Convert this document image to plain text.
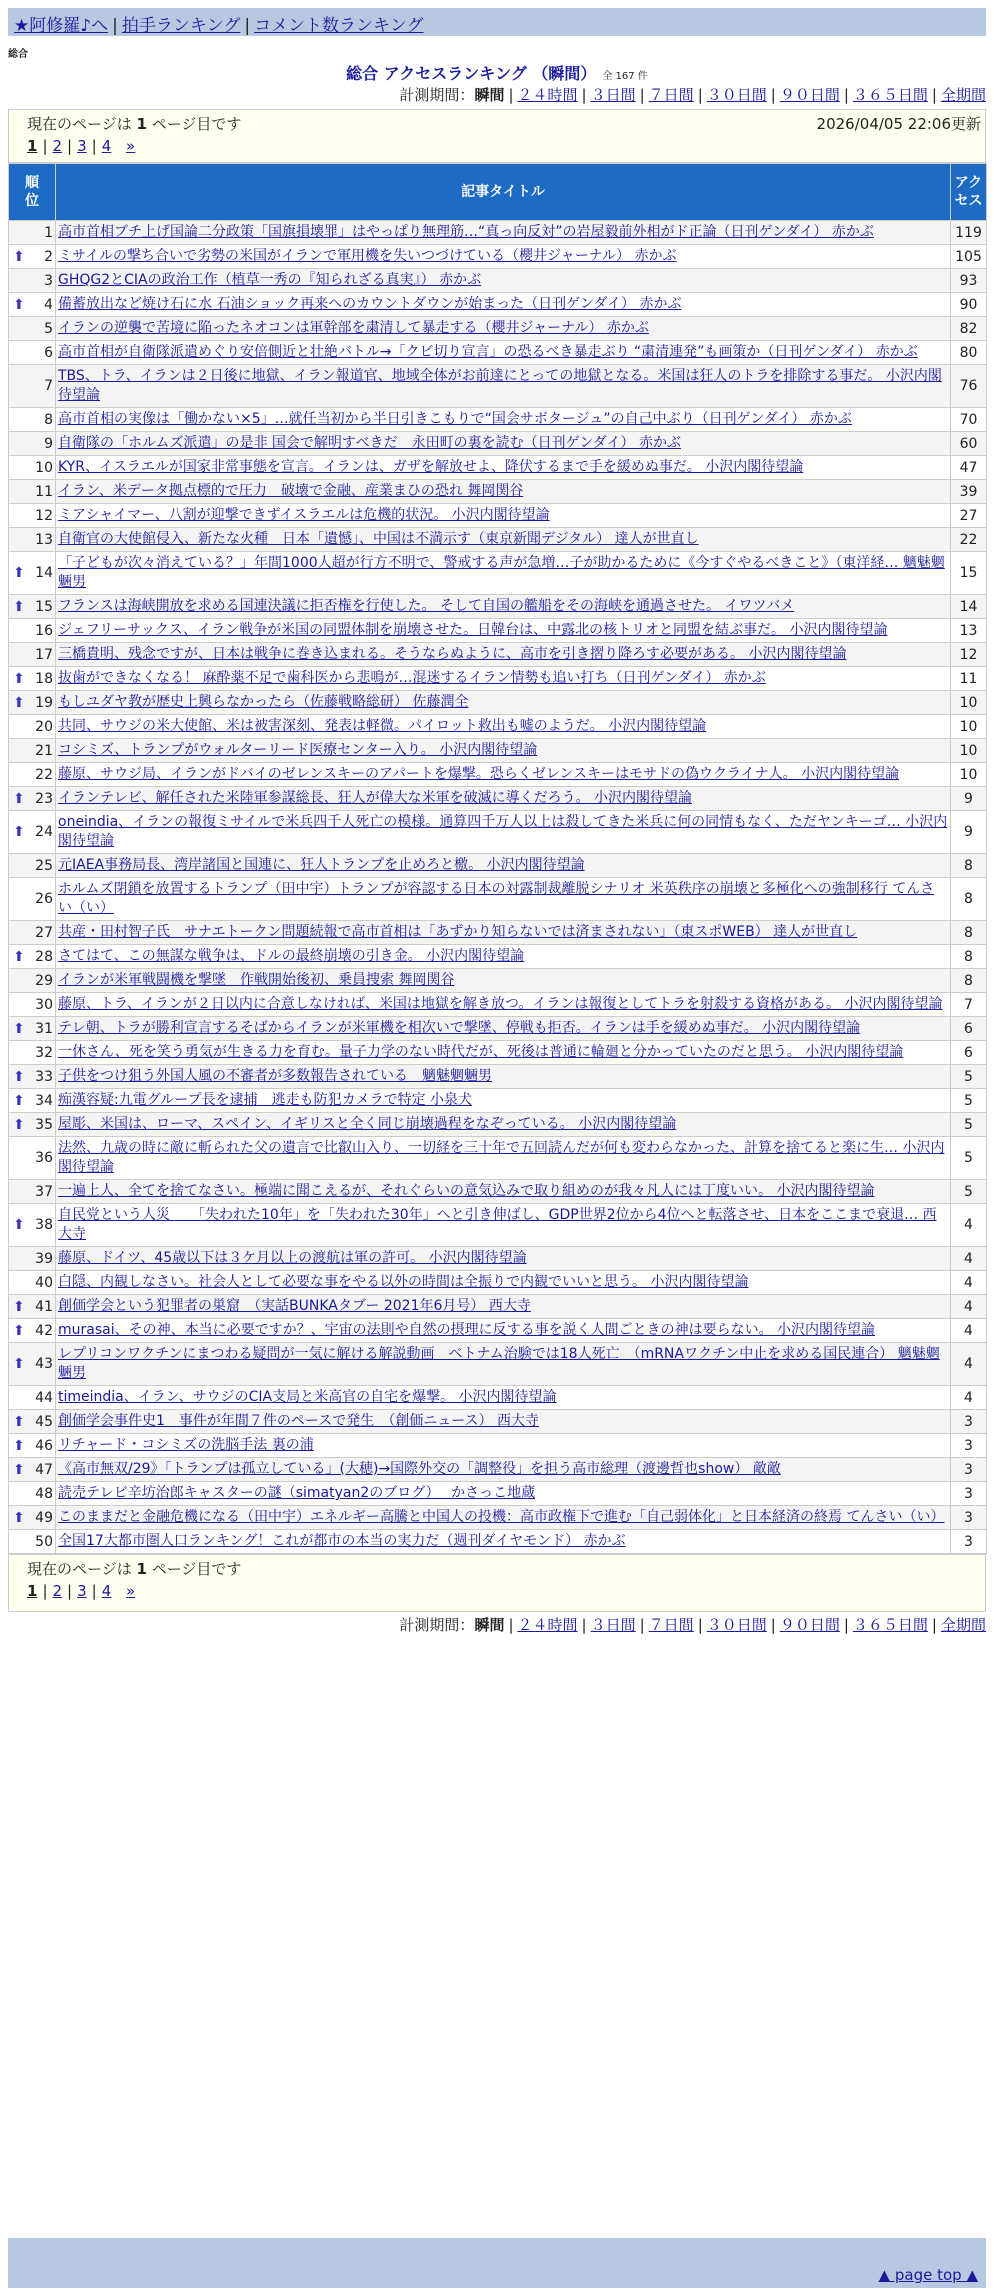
★阿修羅♪へ | 拍手ランキング | コメント数ランキング
総合
総合 アクセスランキング （瞬間） 全 167 件
計測期間：瞬間 | ２４時間 | ３日間 | ７日間 | ３０日間 | ９０日間 | ３６５日間 | 全期間
現在のページは 1 ページ目です	2026/04/05 22:06更新
1 | 2 | 3 | 4 »
順位	記事タイトル	アクセス
1	高市首相ブチ上げ国論二分政策「国旗損壊罪」はやっぱり無理筋…“真っ向反対”の岩屋毅前外相がド正論（日刊ゲンダイ） 赤かぶ	119

⬆ 2	ミサイルの撃ち合いで劣勢の米国がイランで軍用機を失いつづけている（櫻井ジャーナル） 赤かぶ	105
3	GHQG2とCIAの政治工作（植草一秀の『知られざる真実』） 赤かぶ	93

⬆ 4	備蓄放出など焼け石に水 石油ショック再来へのカウントダウンが始まった（日刊ゲンダイ） 赤かぶ	90
5	イランの逆襲で苦境に陥ったネオコンは軍幹部を粛清して暴走する（櫻井ジャーナル） 赤かぶ	82
6	高市首相が自衛隊派遣めぐり安倍側近と壮絶バトル→「クビ切り宣言」の恐るべき暴走ぶり “粛清連発”も画策か（日刊ゲンダイ） 赤かぶ	80
7	TBS、トラ、イランは２日後に地獄、イラン報道官、地域全体がお前達にとっての地獄となる。米国は狂人のトラを排除する事だ。 小沢内閣待望論	76
8	高市首相の実像は「働かない×5」…就任当初から半日引きこもりで“国会サボタージュ”の自己中ぶり（日刊ゲンダイ） 赤かぶ	70
9	自衛隊の「ホルムズ派遣」の是非 国会で解明すべきだ　永田町の裏を読む（日刊ゲンダイ） 赤かぶ	60
10	KYR、イスラエルが国家非常事態を宣言。イランは、ガザを解放せよ、降伏するまで手を緩めぬ事だ。 小沢内閣待望論	47
11	イラン、米データ拠点標的で圧力　破壊で金融、産業まひの恐れ 舞岡関谷	39
12	ミアシャイマー、八割が迎撃できずイスラエルは危機的状況。 小沢内閣待望論	27
13	自衛官の大使館侵入、新たな火種　日本「遺憾」、中国は不満示す（東京新聞デジタル） 達人が世直し	22

⬆ 14	「子どもが次々消えている？」年間1000人超が行方不明で、警戒する声が急増…子が助かるために《今すぐやるべきこと》（東洋経… 魑魅魍魎男	15

⬆ 15	フランスは海峡開放を求める国連決議に拒否権を行使した。 そして自国の艦船をその海峡を通過させた。 イワツバメ	14
16	ジェフリーサックス、イラン戦争が米国の同盟体制を崩壊させた。日韓台は、中露北の核トリオと同盟を結ぶ事だ。 小沢内閣待望論	13
17	三橋貴明、残念ですが、日本は戦争に巻き込まれる。そうならぬように、高市を引き摺り降ろす必要がある。 小沢内閣待望論	12

⬆ 18	抜歯ができなくなる！ 麻酔薬不足で歯科医から悲鳴が…混迷するイラン情勢も追い打ち（日刊ゲンダイ） 赤かぶ	11

⬆ 19	もしユダヤ教が歴史上興らなかったら（佐藤戦略総研） 佐藤潤全	10
20	共同、サウジの米大使館、米は被害深刻、発表は軽微。パイロット救出も嘘のようだ。 小沢内閣待望論	10
21	コシミズ、トランプがウォルターリード医療センター入り。 小沢内閣待望論	10
22	藤原、サウジ局、イランがドバイのゼレンスキーのアパートを爆撃。恐らくゼレンスキーはモサドの偽ウクライナ人。 小沢内閣待望論	10

⬆ 23	イランテレビ、解任された米陸軍参謀総長、狂人が偉大な米軍を破滅に導くだろう。 小沢内閣待望論	9

⬆ 24	oneindia、イランの報復ミサイルで米兵四千人死亡の模様。通算四千万人以上は殺してきた米兵に何の同情もなく、ただヤンキーゴ… 小沢内閣待望論	9
25	元IAEA事務局長、湾岸諸国と国連に、狂人トランプを止めろと檄。 小沢内閣待望論	8
26	ホルムズ閉鎖を放置するトランプ（田中宇）トランプが容認する日本の対露制裁離脱シナリオ 米英秩序の崩壊と多極化への強制移行 てんさい（い）	8
27	共産・田村智子氏　サナエトークン問題続報で高市首相は「あずかり知らないでは済まされない」（東スポWEB） 達人が世直し	8

⬆ 28	さてはて、この無謀な戦争は、ドルの最終崩壊の引き金。 小沢内閣待望論	8
29	イランが米軍戦闘機を撃墜　作戦開始後初、乗員捜索 舞岡関谷	8
30	藤原、トラ、イランが２日以内に合意しなければ、米国は地獄を解き放つ。イランは報復としてトラを射殺する資格がある。 小沢内閣待望論	7

⬆ 31	テレ朝、トラが勝利宣言するそばからイランが米軍機を相次いで撃墜、停戦も拒否。イランは手を緩めぬ事だ。 小沢内閣待望論	6
32	一休さん、死を笑う勇気が生きる力を育む。量子力学のない時代だが、死後は普通に輪廻と分かっていたのだと思う。 小沢内閣待望論	6

⬆ 33	子供をつけ狙う外国人風の不審者が多数報告されている　魑魅魍魎男	5

⬆ 34	痴漢容疑:九電グループ長を逮捕　逃走も防犯カメラで特定 小泉犬	5

⬆ 35	屋彫、米国は、ローマ、スペイン、イギリスと全く同じ崩壊過程をなぞっている。 小沢内閣待望論	5
36	法然、九歳の時に敵に斬られた父の遺言で比叡山入り、一切経を三十年で五回読んだが何も変わらなかった、計算を捨てると楽に生… 小沢内閣待望論	5
37	一遍上人、全てを捨てなさい。極端に聞こえるが、それぐらいの意気込みで取り組めのが我々凡人には丁度いい。 小沢内閣待望論	5

⬆ 38	自民党という人災　　「失われた10年」を「失われた30年」へと引き伸ばし、GDP世界2位から4位へと転落させ、日本をここまで衰退… 西大寺	4
39	藤原、ドイツ、45歳以下は３ケ月以上の渡航は軍の許可。 小沢内閣待望論	4
40	白隠、内観しなさい。社会人として必要な事をやる以外の時間は全振りで内観でいいと思う。 小沢内閣待望論	4

⬆ 41	創価学会という犯罪者の巣窟　（実話BUNKAタブー 2021年6月号） 西大寺	4

⬆ 42	murasai、その神、本当に必要ですか？、宇宙の法則や自然の摂理に反する事を説く人間ごときの神は要らない。 小沢内閣待望論	4

⬆ 43	レプリコンワクチンにまつわる疑問が一気に解ける解説動画　ベトナム治験では18人死亡　（mRNAワクチン中止を求める国民連合） 魑魅魍魎男	4
44	timeindia、イラン、サウジのCIA支局と米高官の自宅を爆撃。 小沢内閣待望論	4

⬆ 45	創価学会事件史1　事件が年間７件のペースで発生　（創価ニュース） 西大寺	3

⬆ 46	リチャード・コシミズの洗脳手法 裏の浦	3

⬆ 47	《高市無双/29》「トランプは孤立している」(大穂)→国際外交の「調整役」を担う高市総理（渡邊哲也show） 敵敵	3
48	読売テレビ辛坊治郎キャスターの謎（simatyan2のブログ）　 かさっこ地蔵	3

⬆ 49	このままだと金融危機になる（田中宇）エネルギー高騰と中国人の投機：高市政権下で進む「自己弱体化」と日本経済の終焉 てんさい（い）	3
50	全国17大都市圏人口ランキング！これが都市の本当の実力だ（週刊ダイヤモンド） 赤かぶ	3
現在のページは 1 ページ目です
1 | 2 | 3 | 4 »
計測期間：瞬間 | ２４時間 | ３日間 | ７日間 | ３０日間 | ９０日間 | ３６５日間 | 全期間
▲ page top ▲
